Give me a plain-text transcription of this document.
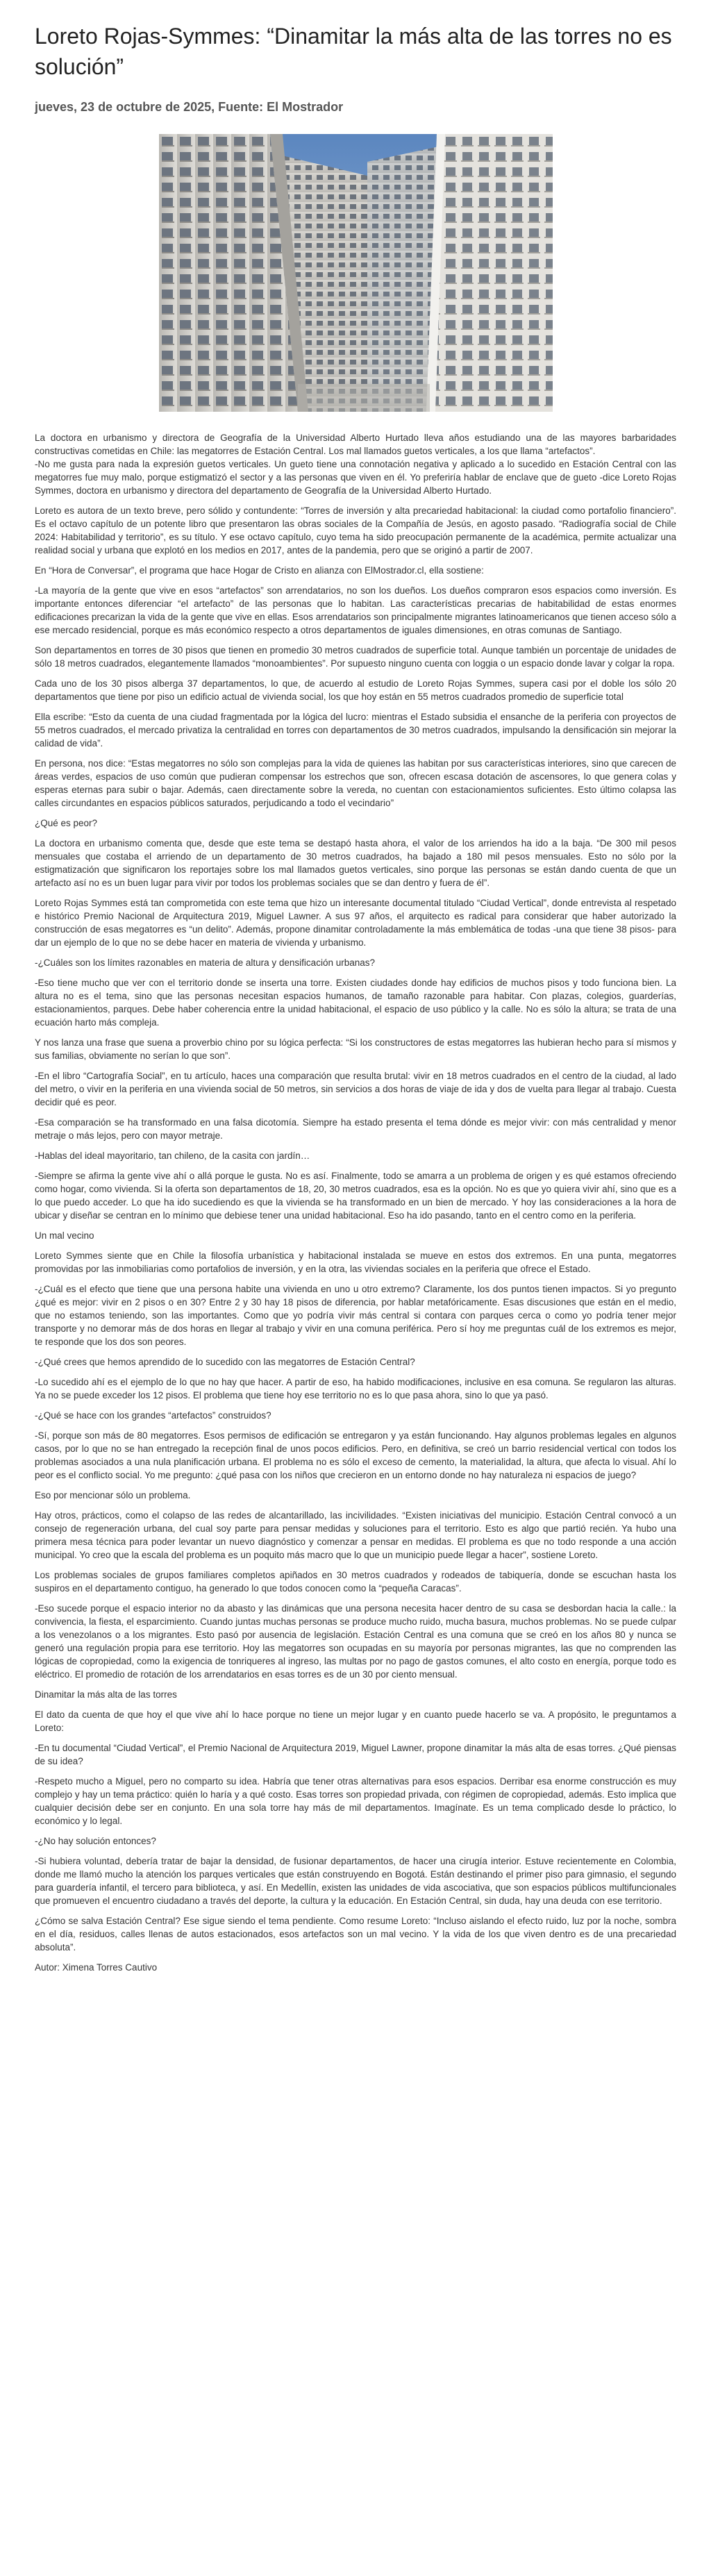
Loreto Rojas-Symmes: “Dinamitar la más alta de las torres no es solución”
jueves, 23 de octubre de 2025, Fuente: El Mostrador

La doctora en urbanismo y directora de Geografía de la Universidad Alberto Hurtado lleva años estudiando una de las mayores barbaridades constructivas cometidas en Chile: las megatorres de Estación Central. Los mal llamados guetos verticales, a los que llama “artefactos”.

-No me gusta para nada la expresión guetos verticales. Un gueto tiene una connotación negativa y aplicado a lo sucedido en Estación Central con las megatorres fue muy malo, porque estigmatizó el sector y a las personas que viven en él. Yo preferiría hablar de enclave que de gueto -dice Loreto Rojas Symmes, doctora en urbanismo y directora del departamento de Geografía de la Universidad Alberto Hurtado.

Loreto es autora de un texto breve, pero sólido y contundente: “Torres de inversión y alta precariedad habitacional: la ciudad como portafolio financiero”. Es el octavo capítulo de un potente libro que presentaron las obras sociales de la Compañía de Jesús, en agosto pasado. “Radiografía social de Chile 2024: Habitabilidad y territorio”, es su título. Y ese octavo capítulo, cuyo tema ha sido preocupación permanente de la académica, permite actualizar una realidad social y urbana que explotó en los medios en 2017, antes de la pandemia, pero que se originó a partir de 2007.

En “Hora de Conversar”, el programa que hace Hogar de Cristo en alianza con ElMostrador.cl, ella sostiene:

-La mayoría de la gente que vive en esos “artefactos” son arrendatarios, no son los dueños. Los dueños compraron esos espacios como inversión. Es importante entonces diferenciar “el artefacto” de las personas que lo habitan. Las características precarias de habitabilidad de estas enormes edificaciones precarizan la vida de la gente que vive en ellas. Esos arrendatarios son principalmente migrantes latinoamericanos que tienen acceso sólo a ese mercado residencial, porque es más económico respecto a otros departamentos de iguales dimensiones, en otras comunas de Santiago.

Son departamentos en torres de 30 pisos que tienen en promedio 30 metros cuadrados de superficie total. Aunque también un porcentaje de unidades de sólo 18 metros cuadrados, elegantemente llamados “monoambientes”. Por supuesto ninguno cuenta con loggia o un espacio donde lavar y colgar la ropa.

Cada uno de los 30 pisos alberga 37 departamentos, lo que, de acuerdo al estudio de Loreto Rojas Symmes, supera casi por el doble los sólo 20 departamentos que tiene por piso un edificio actual de vivienda social, los que hoy están en 55 metros cuadrados promedio de superficie total

Ella escribe: “Esto da cuenta de una ciudad fragmentada por la lógica del lucro: mientras el Estado subsidia el ensanche de la periferia con proyectos de 55 metros cuadrados, el mercado privatiza la centralidad en torres con departamentos de 30 metros cuadrados, impulsando la densificación sin mejorar la calidad de vida”.

En persona, nos dice: “Estas megatorres no sólo son complejas para la vida de quienes las habitan por sus características interiores, sino que carecen de áreas verdes, espacios de uso común que pudieran compensar los estrechos que son, ofrecen escasa dotación de ascensores, lo que genera colas y esperas eternas para subir o bajar. Además, caen directamente sobre la vereda, no cuentan con estacionamientos suficientes. Esto último colapsa las calles circundantes en espacios públicos saturados, perjudicando a todo el vecindario”

¿Qué es peor?

La doctora en urbanismo comenta que, desde que este tema se destapó hasta ahora, el valor de los arriendos ha ido a la baja. “De 300 mil pesos mensuales que costaba el arriendo de un departamento de 30 metros cuadrados, ha bajado a 180 mil pesos mensuales. Esto no sólo por la estigmatización que significaron los reportajes sobre los mal llamados guetos verticales, sino porque las personas se están dando cuenta de que un artefacto así no es un buen lugar para vivir por todos los problemas sociales que se dan dentro y fuera de él”.

Loreto Rojas Symmes está tan comprometida con este tema que hizo un interesante documental titulado “Ciudad Vertical”, donde entrevista al respetado e histórico Premio Nacional de Arquitectura 2019, Miguel Lawner. A sus 97 años, el arquitecto es radical para considerar que haber autorizado la construcción de esas megatorres es “un delito”. Además, propone dinamitar controladamente la más emblemática de todas -una que tiene 38 pisos- para dar un ejemplo de lo que no se debe hacer en materia de vivienda y urbanismo.

-¿Cuáles son los límites razonables en materia de altura y densificación urbanas?

-Eso tiene mucho que ver con el territorio donde se inserta una torre. Existen ciudades donde hay edificios de muchos pisos y todo funciona bien. La altura no es el tema, sino que las personas necesitan espacios humanos, de tamaño razonable para habitar. Con plazas, colegios, guarderías, estacionamientos, parques. Debe haber coherencia entre la unidad habitacional, el espacio de uso público y la calle. No es sólo la altura; se trata de una ecuación harto más compleja.

Y nos lanza una frase que suena a proverbio chino por su lógica perfecta: “Si los constructores de estas megatorres las hubieran hecho para sí mismos y sus familias, obviamente no serían lo que son”.

-En el libro “Cartografía Social”, en tu artículo, haces una comparación que resulta brutal: vivir en 18 metros cuadrados en el centro de la ciudad, al lado del metro, o vivir en la periferia en una vivienda social de 50 metros, sin servicios a dos horas de viaje de ida y dos de vuelta para llegar al trabajo. Cuesta decidir qué es peor.

-Esa comparación se ha transformado en una falsa dicotomía. Siempre ha estado presenta el tema dónde es mejor vivir: con más centralidad y menor metraje o más lejos, pero con mayor metraje.

-Hablas del ideal mayoritario, tan chileno, de la casita con jardín…

-Siempre se afirma la gente vive ahí o allá porque le gusta. No es así. Finalmente, todo se amarra a un problema de origen y es qué estamos ofreciendo como hogar, como vivienda. Si la oferta son departamentos de 18, 20, 30 metros cuadrados, esa es la opción. No es que yo quiera vivir ahí, sino que es a lo que puedo acceder. Lo que ha ido sucediendo es que la vivienda se ha transformado en un bien de mercado. Y hoy las consideraciones a la hora de ubicar y diseñar se centran en lo mínimo que debiese tener una unidad habitacional. Eso ha ido pasando, tanto en el centro como en la periferia.

Un mal vecino

Loreto Symmes siente que en Chile la filosofía urbanística y habitacional instalada se mueve en estos dos extremos. En una punta, megatorres promovidas por las inmobiliarias como portafolios de inversión, y en la otra, las viviendas sociales en la periferia que ofrece el Estado.

-¿Cuál es el efecto que tiene que una persona habite una vivienda en uno u otro extremo? Claramente, los dos puntos tienen impactos. Si yo pregunto ¿qué es mejor: vivir en 2 pisos o en 30? Entre 2 y 30 hay 18 pisos de diferencia, por hablar metafóricamente. Esas discusiones que están en el medio, que no estamos teniendo, son las importantes. Como que yo podría vivir más central si contara con parques cerca o como yo podría tener mejor transporte y no demorar más de dos horas en llegar al trabajo y vivir en una comuna periférica. Pero sí hoy me preguntas cuál de los extremos es mejor, te responde que los dos son peores.

-¿Qué crees que hemos aprendido de lo sucedido con las megatorres de Estación Central?

-Lo sucedido ahí es el ejemplo de lo que no hay que hacer. A partir de eso, ha habido modificaciones, inclusive en esa comuna. Se regularon las alturas. Ya no se puede exceder los 12 pisos. El problema que tiene hoy ese territorio no es lo que pasa ahora, sino lo que ya pasó.

-¿Qué se hace con los grandes “artefactos” construidos?

-Sí, porque son más de 80 megatorres. Esos permisos de edificación se entregaron y ya están funcionando. Hay algunos problemas legales en algunos casos, por lo que no se han entregado la recepción final de unos pocos edificios. Pero, en definitiva, se creó un barrio residencial vertical con todos los problemas asociados a una nula planificación urbana. El problema no es sólo el exceso de cemento, la materialidad, la altura, que afecta lo visual. Ahí lo peor es el conflicto social. Yo me pregunto: ¿qué pasa con los niños que crecieron en un entorno donde no hay naturaleza ni espacios de juego?

Eso por mencionar sólo un problema.

Hay otros, prácticos, como el colapso de las redes de alcantarillado, las incivilidades. “Existen iniciativas del municipio. Estación Central convocó a un consejo de regeneración urbana, del cual soy parte para pensar medidas y soluciones para el territorio. Esto es algo que partió recién. Ya hubo una primera mesa técnica para poder levantar un nuevo diagnóstico y comenzar a pensar en medidas. El problema es que no todo responde a una acción municipal. Yo creo que la escala del problema es un poquito más macro que lo que un municipio puede llegar a hacer”, sostiene Loreto.

Los problemas sociales de grupos familiares completos apiñados en 30 metros cuadrados y rodeados de tabiquería, donde se escuchan hasta los suspiros en el departamento contiguo, ha generado lo que todos conocen como la “pequeña Caracas”.

-Eso sucede porque el espacio interior no da abasto y las dinámicas que una persona necesita hacer dentro de su casa se desbordan hacia la calle.: la convivencia, la fiesta, el esparcimiento. Cuando juntas muchas personas se produce mucho ruido, mucha basura, muchos problemas. No se puede culpar a los venezolanos o a los migrantes. Esto pasó por ausencia de legislación. Estación Central es una comuna que se creó en los años 80 y nunca se generó una regulación propia para ese territorio. Hoy las megatorres son ocupadas en su mayoría por personas migrantes, las que no comprenden las lógicas de copropiedad, como la exigencia de tonriqueres al ingreso, las multas por no pago de gastos comunes, el alto costo en energía, porque todo es eléctrico. El promedio de rotación de los arrendatarios en esas torres es de un 30 por ciento mensual.

Dinamitar la más alta de las torres

El dato da cuenta de que hoy el que vive ahí lo hace porque no tiene un mejor lugar y en cuanto puede hacerlo se va. A propósito, le preguntamos a Loreto:

-En tu documental “Ciudad Vertical”, el Premio Nacional de Arquitectura 2019, Miguel Lawner, propone dinamitar la más alta de esas torres. ¿Qué piensas de su idea?

-Respeto mucho a Miguel, pero no comparto su idea. Habría que tener otras alternativas para esos espacios. Derribar esa enorme construcción es muy complejo y hay un tema práctico: quién lo haría y a qué costo. Esas torres son propiedad privada, con régimen de copropiedad, además. Esto implica que cualquier decisión debe ser en conjunto. En una sola torre hay más de mil departamentos. Imagínate. Es un tema complicado desde lo práctico, lo económico y lo legal.

-¿No hay solución entonces?

-Si hubiera voluntad, debería tratar de bajar la densidad, de fusionar departamentos, de hacer una cirugía interior. Estuve recientemente en Colombia, donde me llamó mucho la atención los parques verticales que están construyendo en Bogotá. Están destinando el primer piso para gimnasio, el segundo para guardería infantil, el tercero para biblioteca, y así. En Medellín, existen las unidades de vida ascociativa, que son espacios públicos multifuncionales que promueven el encuentro ciudadano a través del deporte, la cultura y la educación. En Estación Central, sin duda, hay una deuda con ese territorio.

¿Cómo se salva Estación Central? Ese sigue siendo el tema pendiente. Como resume Loreto: “Incluso aislando el efecto ruido, luz por la noche, sombra en el día, residuos, calles llenas de autos estacionados, esos artefactos son un mal vecino. Y la vida de los que viven dentro es de una precariedad absoluta”.

Autor: Ximena Torres Cautivo
